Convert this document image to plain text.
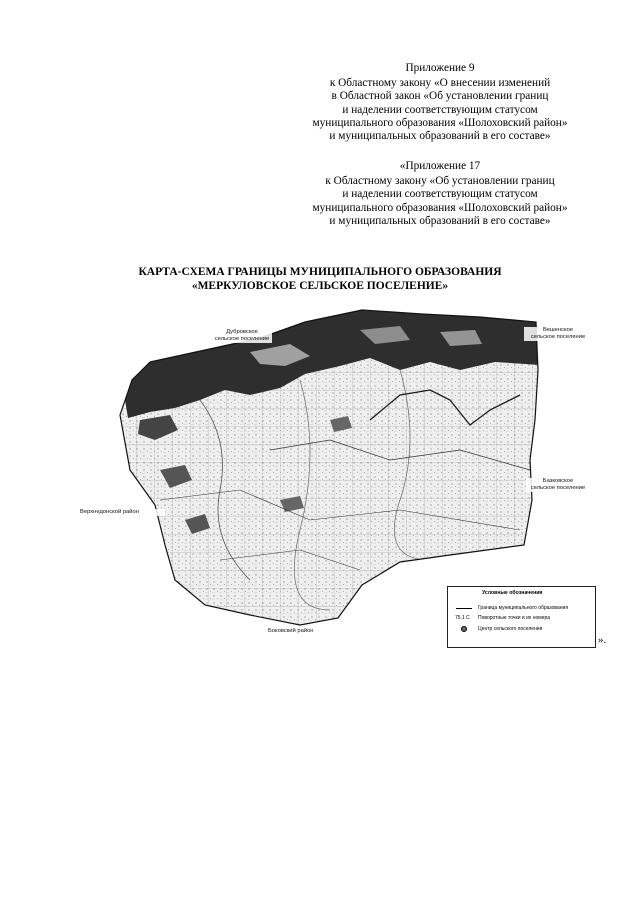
Приложение 9
к Областному закону «О внесении изменений
в Областной закон «Об установлении границ
и наделении соответствующим статусом
муниципального образования «Шолоховский район»
и муниципальных образований в его составе»
«Приложение 17
к Областному закону «Об установлении границ
и наделении соответствующим статусом
муниципального образования «Шолоховский район»
и муниципальных образований в его составе»
КАРТА-СХЕМА ГРАНИЦЫ МУНИЦИПАЛЬНОГО ОБРАЗОВАНИЯ
«МЕРКУЛОВСКОЕ СЕЛЬСКОЕ ПОСЕЛЕНИЕ»
Дубровское
сельское поселение
Вешенское
сельское поселение
Базковское
сельское поселение
Верхнедонской район
Боковский район
Условные обозначения
Граница муниципального образования
75.1 С Поворотные точки и их номера
Центр сельского поселения
».
